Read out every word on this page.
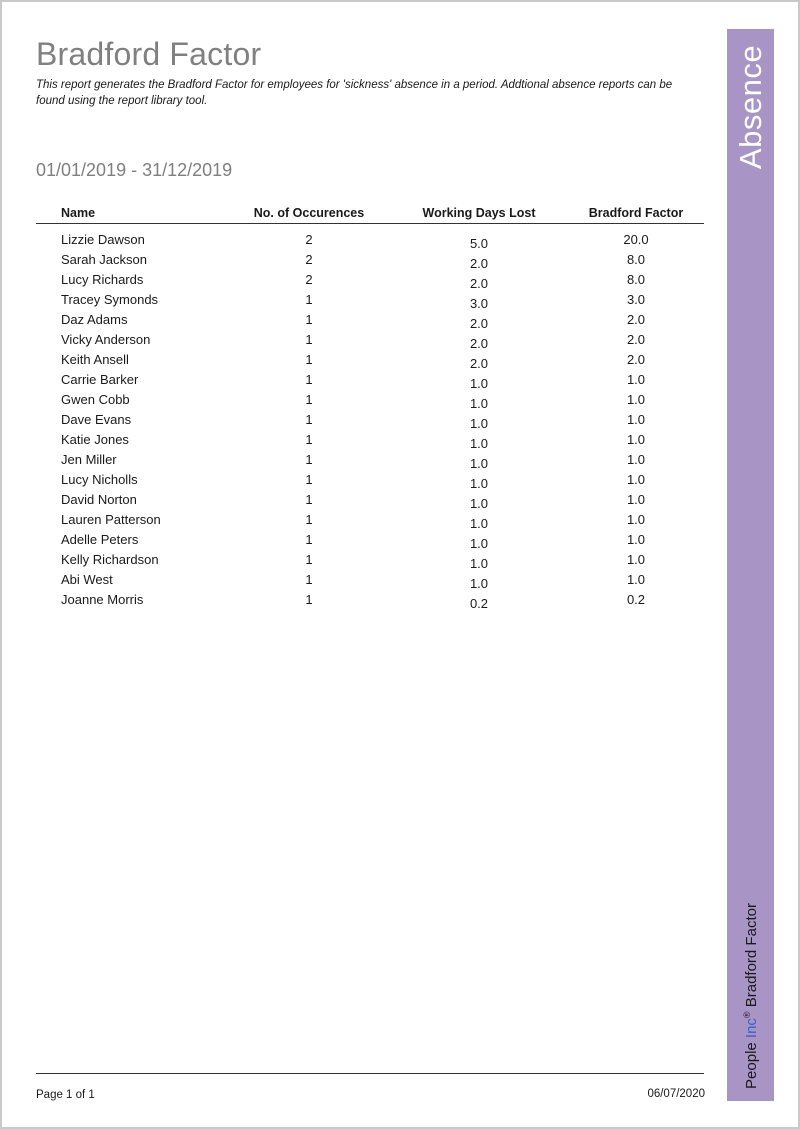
Bradford Factor

This report generates the Bradford Factor for employees for 'sickness' absence in a period. Addtional absence reports can be found using the report library tool.

01/01/2019 - 31/12/2019
Name	No. of Occurences	Working Days Lost	Bradford Factor
Lizzie Dawson	2	5.0	20.0
Sarah Jackson	2	2.0	8.0
Lucy Richards	2	2.0	8.0
Tracey Symonds	1	3.0	3.0
Daz Adams	1	2.0	2.0
Vicky Anderson	1	2.0	2.0
Keith Ansell	1	2.0	2.0
Carrie Barker	1	1.0	1.0
Gwen Cobb	1	1.0	1.0
Dave Evans	1	1.0	1.0
Katie Jones	1	1.0	1.0
Jen Miller	1	1.0	1.0
Lucy Nicholls	1	1.0	1.0
David Norton	1	1.0	1.0
Lauren Patterson	1	1.0	1.0
Adelle Peters	1	1.0	1.0
Kelly Richardson	1	1.0	1.0
Abi West	1	1.0	1.0
Joanne Morris	1	0.2	0.2
Page 1 of 1	06/07/2020
Absence
People Inc® Bradford Factor
